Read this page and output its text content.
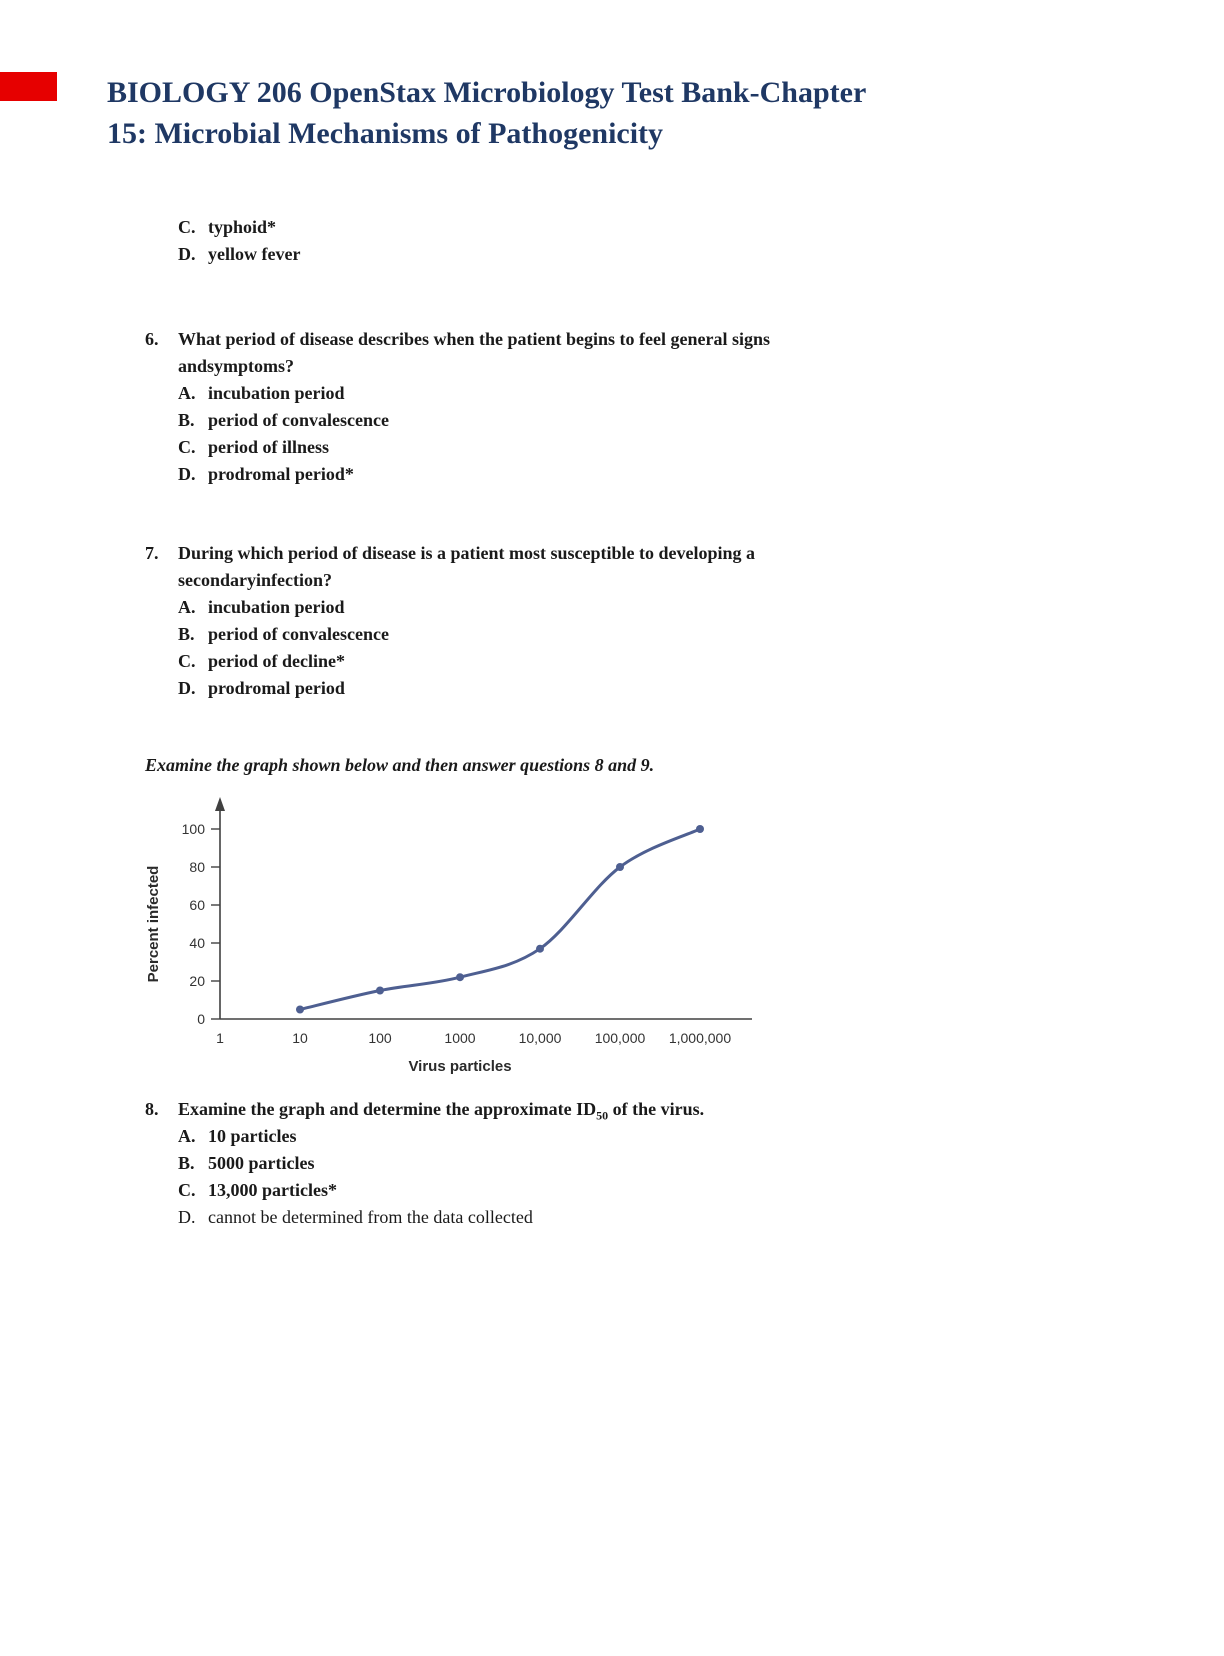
BIOLOGY 206 OpenStax Microbiology Test Bank-Chapter
15: Microbial Mechanisms of Pathogenicity
C. typhoid*
D. yellow fever
6.	What period of disease describes when the patient begins to feel general signs
andsymptoms?
A. incubation period
B. period of convalescence
C. period of illness
D. prodromal period*
7.	During which period of disease is a patient most susceptible to developing a
secondaryinfection?
A. incubation period
B. period of convalescence
C. period of decline*
D. prodromal period
Examine the graph shown below and then answer questions 8 and 9.
0
20
40
60
80
100
1	10	100	1000	10,000 100,000 1,000,000
Percent infected
Virus particles
8.	Examine the graph and determine the approximate $ID_{50}$ of the virus.
A. 10 particles
B. 5000 particles
C. 13,000 particles*
D. cannot be determined from the data collected
